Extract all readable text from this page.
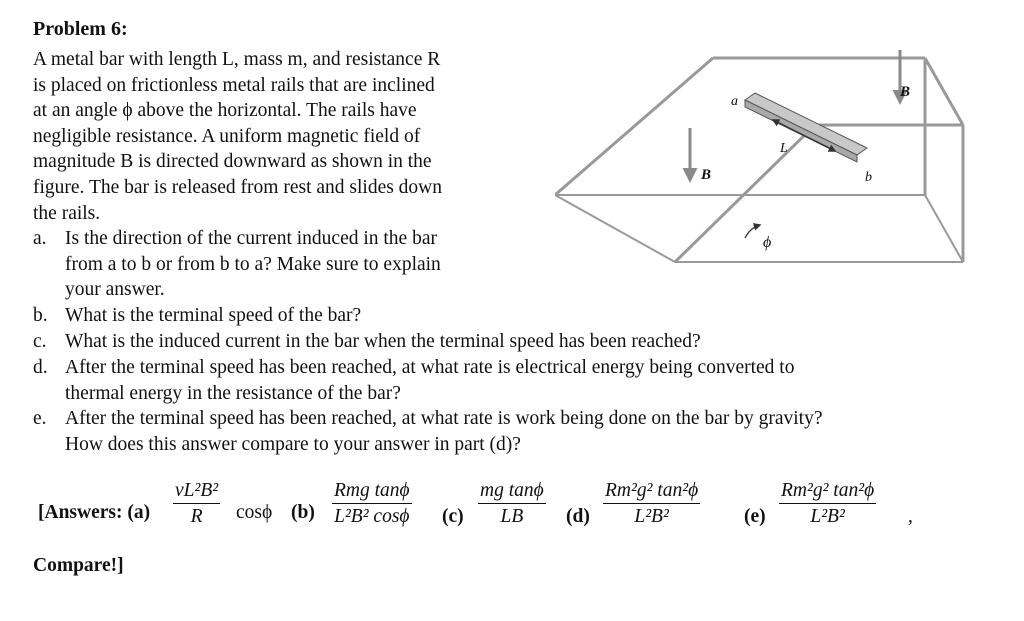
Problem 6:
A metal bar with length L, mass m, and resistance R
is placed on frictionless metal rails that are inclined
at an angle ϕ above the horizontal. The rails have
negligible resistance. A uniform magnetic field of
magnitude B is directed downward as shown in the
figure. The bar is released from rest and slides down
the rails.
a. Is the direction of the current induced in the bar
from a to b or from b to a? Make sure to explain
your answer.
b. What is the terminal speed of the bar?
c. What is the induced current in the bar when the terminal speed has been reached?
d. After the terminal speed has been reached, at what rate is electrical energy being converted to
thermal energy in the resistance of the bar?
e. After the terminal speed has been reached, at what rate is work being done on the bar by gravity?
How does this answer compare to your answer in part (d)?
[Answers: $(a) \frac{\text{vL²B²}}{R}$ cosϕ (b)
Rmg tanϕ
L²B² cosϕ $(c) \frac{\text{mg tanϕ}}{LB} (d) \frac{\text{Rm²g² tan²ϕ}}{\text{L²B²}} (e) \frac{\text{Rm²g² tan²ϕ}}{\text{L²B²}}$ ,
Compare!]
a
b
L
B
B
ϕ
